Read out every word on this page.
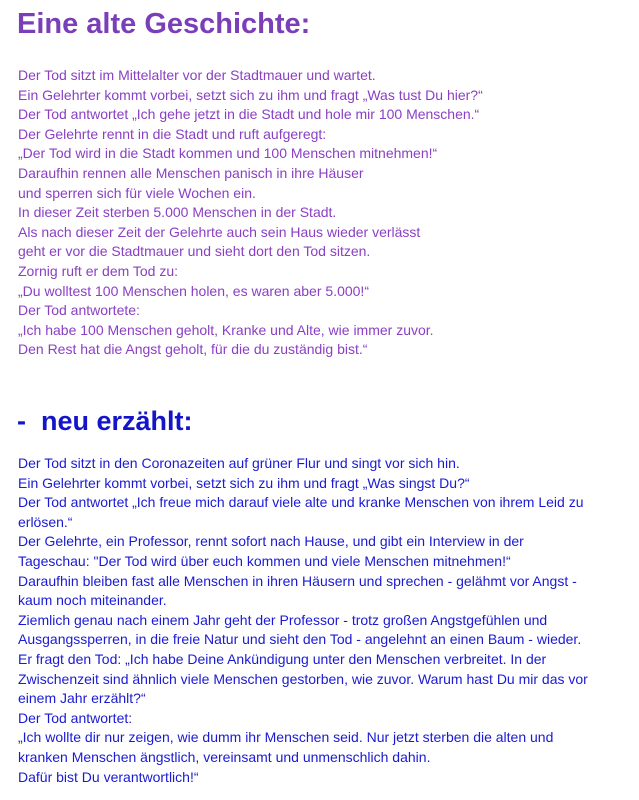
Eine alte Geschichte:
Der Tod sitzt im Mittelalter vor der Stadtmauer und wartet.
Ein Gelehrter kommt vorbei, setzt sich zu ihm und fragt „Was tust Du hier?“
Der Tod antwortet „Ich gehe jetzt in die Stadt und hole mir 100 Menschen.“
Der Gelehrte rennt in die Stadt und ruft aufgeregt:
„Der Tod wird in die Stadt kommen und 100 Menschen mitnehmen!“
Daraufhin rennen alle Menschen panisch in ihre Häuser
und sperren sich für viele Wochen ein.
In dieser Zeit sterben 5.000 Menschen in der Stadt.
Als nach dieser Zeit der Gelehrte auch sein Haus wieder verlässt
geht er vor die Stadtmauer und sieht dort den Tod sitzen.
Zornig ruft er dem Tod zu:
„Du wolltest 100 Menschen holen, es waren aber 5.000!“
Der Tod antwortete:
„Ich habe 100 Menschen geholt, Kranke und Alte, wie immer zuvor.
Den Rest hat die Angst geholt, für die du zuständig bist.“
- neu erzählt:
Der Tod sitzt in den Coronazeiten auf grüner Flur und singt vor sich hin.
Ein Gelehrter kommt vorbei, setzt sich zu ihm und fragt „Was singst Du?“
Der Tod antwortet „Ich freue mich darauf viele alte und kranke Menschen von ihrem Leid zu
erlösen.“
Der Gelehrte, ein Professor, rennt sofort nach Hause, und gibt ein Interview in der
Tageschau: "Der Tod wird über euch kommen und viele Menschen mitnehmen!“
Daraufhin bleiben fast alle Menschen in ihren Häusern und sprechen - gelähmt vor Angst -
kaum noch miteinander.
Ziemlich genau nach einem Jahr geht der Professor - trotz großen Angstgefühlen und
Ausgangssperren, in die freie Natur und sieht den Tod - angelehnt an einen Baum - wieder.
Er fragt den Tod: „Ich habe Deine Ankündigung unter den Menschen verbreitet. In der
Zwischenzeit sind ähnlich viele Menschen gestorben, wie zuvor. Warum hast Du mir das vor
einem Jahr erzählt?“
Der Tod antwortet:
„Ich wollte dir nur zeigen, wie dumm ihr Menschen seid. Nur jetzt sterben die alten und
kranken Menschen ängstlich, vereinsamt und unmenschlich dahin.
Dafür bist Du verantwortlich!“
